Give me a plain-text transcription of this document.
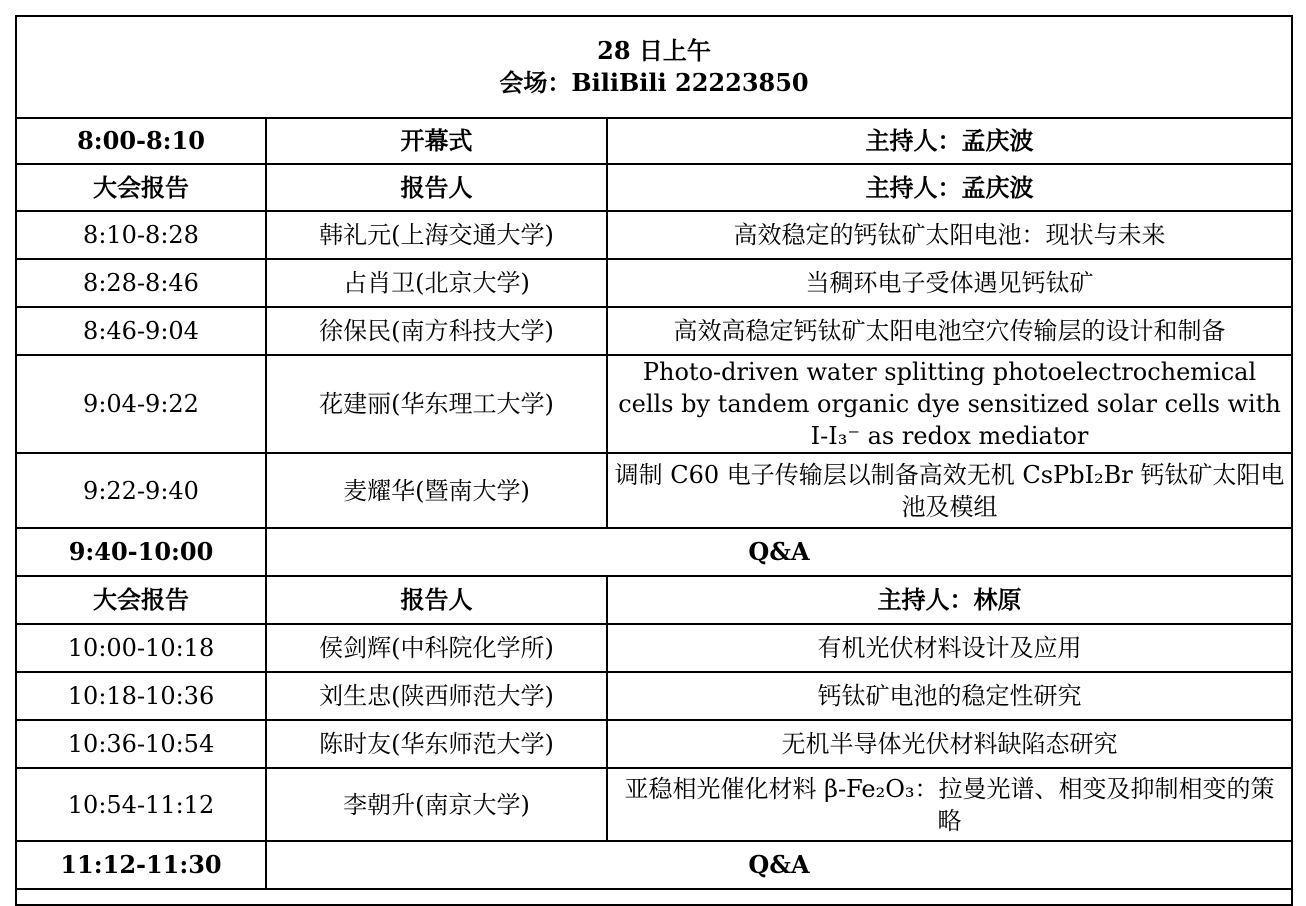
28 日上午
会场：BiliBili 22223850		

8:00-8:10	开幕式	主持人：孟庆波
大会报告	报告人	主持人：孟庆波
8:10-8:28	韩礼元(上海交通大学)	高效稳定的钙钛矿太阳电池：现状与未来
8:28-8:46	占肖卫(北京大学)	当稠环电子受体遇见钙钛矿
8:46-9:04	徐保民(南方科技大学)	高效高稳定钙钛矿太阳电池空穴传输层的设计和制备
9:04-9:22	花建丽(华东理工大学)	Photo-driven water splitting photoelectrochemical cells by tandem organic dye sensitized solar cells with I-I₃⁻ as redox mediator
9:22-9:40	麦耀华(暨南大学)	调制 C60 电子传输层以制备高效无机 CsPbI₂Br 钙钛矿太阳电池及模组
9:40-10:00	Q&A	
大会报告	报告人	主持人：林原
10:00-10:18	侯剑辉(中科院化学所)	有机光伏材料设计及应用
10:18-10:36	刘生忠(陕西师范大学)	钙钛矿电池的稳定性研究
10:36-10:54	陈时友(华东师范大学)	无机半导体光伏材料缺陷态研究
10:54-11:12	李朝升(南京大学)	亚稳相光催化材料 β-Fe₂O₃：拉曼光谱、相变及抑制相变的策略
11:12-11:30	Q&A	
